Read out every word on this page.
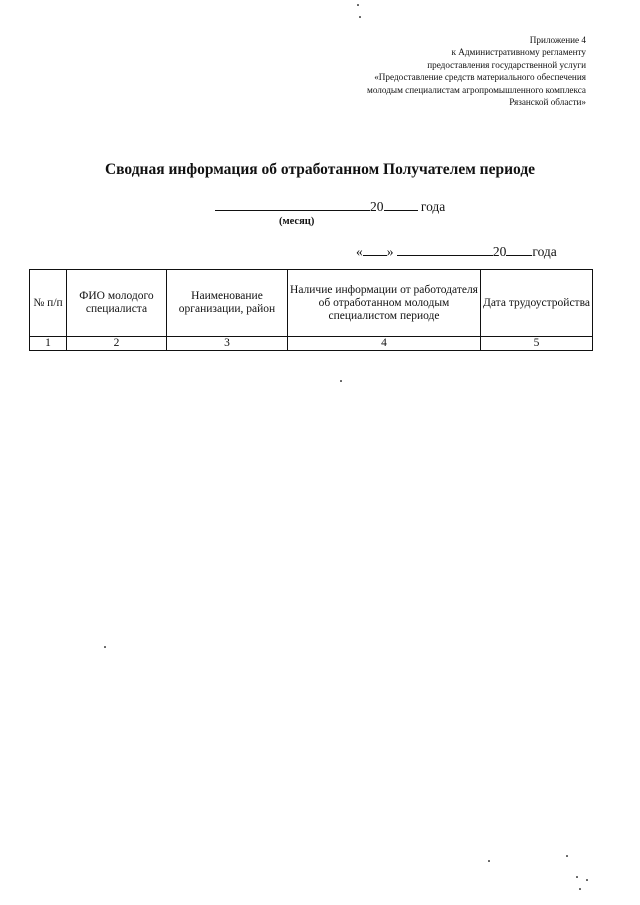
Приложение 4
к Административному регламенту
предоставления государственной услуги
«Предоставление средств материального обеспечения
молодым специалистам агропромышленного комплекса
Рязанской области»
Сводная информация об отработанном Получателем периоде
20	года
(месяц)
« »	20 года
№ п/п	ФИО молодого специалиста	Наименование организации, район	Наличие информации от работодателя об отработанном молодым специалистом периоде	Дата трудоустройства
1	2	3	4	5
